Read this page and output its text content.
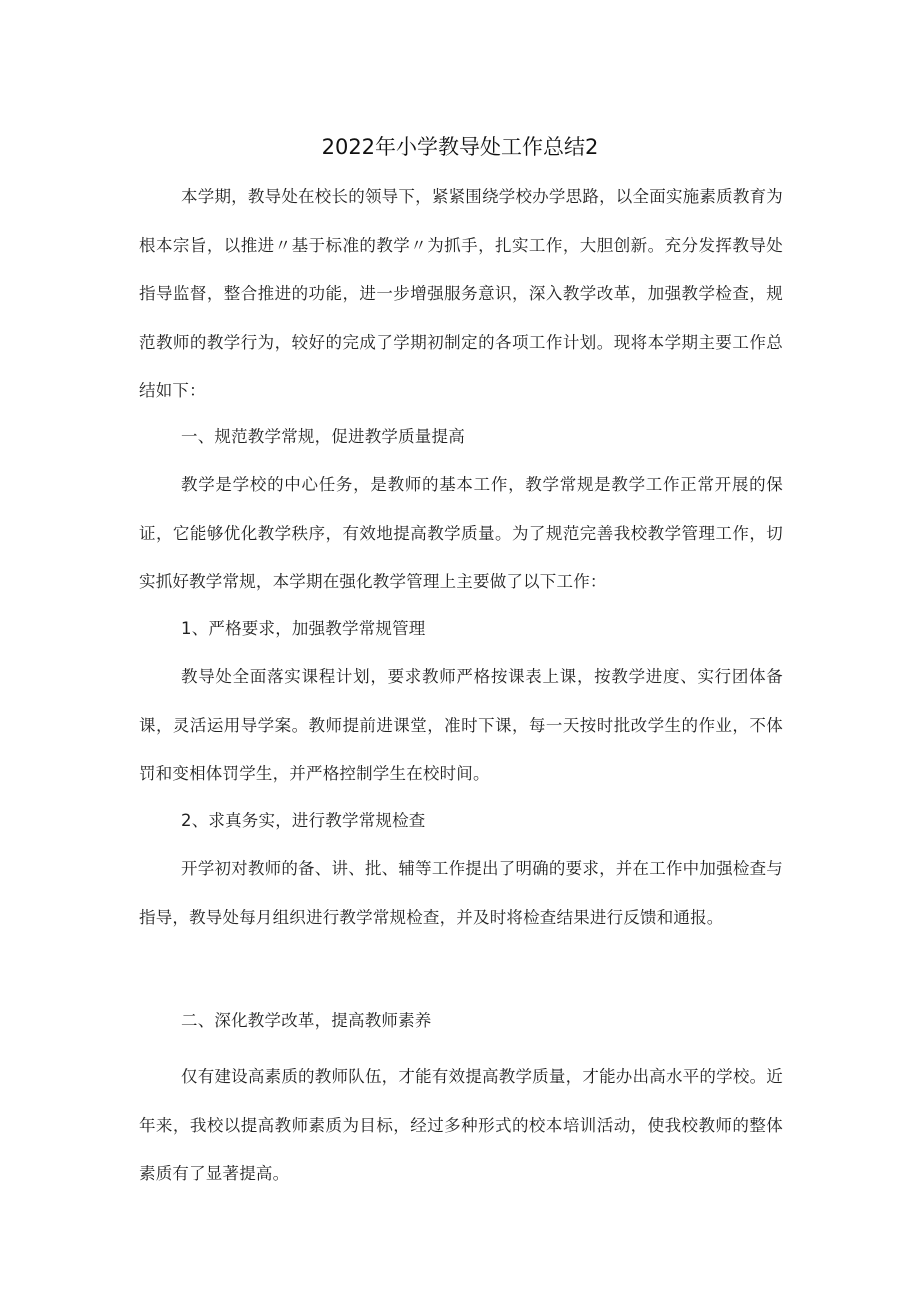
2022年小学教导处工作总结2

本学期，教导处在校长的领导下，紧紧围绕学校办学思路，以全面实施素质教育为根本宗旨，以推进〃基于标准的教学〃为抓手，扎实工作，大胆创新。充分发挥教导处指导监督，整合推进的功能，进一步增强服务意识，深入教学改革，加强教学检查，规范教师的教学行为，较好的完成了学期初制定的各项工作计划。现将本学期主要工作总结如下：

一、规范教学常规，促进教学质量提高

教学是学校的中心任务，是教师的基本工作，教学常规是教学工作正常开展的保证，它能够优化教学秩序，有效地提高教学质量。为了规范完善我校教学管理工作，切实抓好教学常规，本学期在强化教学管理上主要做了以下工作：

1、严格要求，加强教学常规管理

教导处全面落实课程计划，要求教师严格按课表上课，按教学进度、实行团体备课，灵活运用导学案。教师提前进课堂，准时下课，每一天按时批改学生的作业，不体罚和变相体罚学生，并严格控制学生在校时间。

2、求真务实，进行教学常规检查

开学初对教师的备、讲、批、辅等工作提出了明确的要求，并在工作中加强检查与指导，教导处每月组织进行教学常规检查，并及时将检查结果进行反馈和通报。

二、深化教学改革，提高教师素养

仅有建设高素质的教师队伍，才能有效提高教学质量，才能办出高水平的学校。近年来，我校以提高教师素质为目标，经过多种形式的校本培训活动，使我校教师的整体素质有了显著提高。
